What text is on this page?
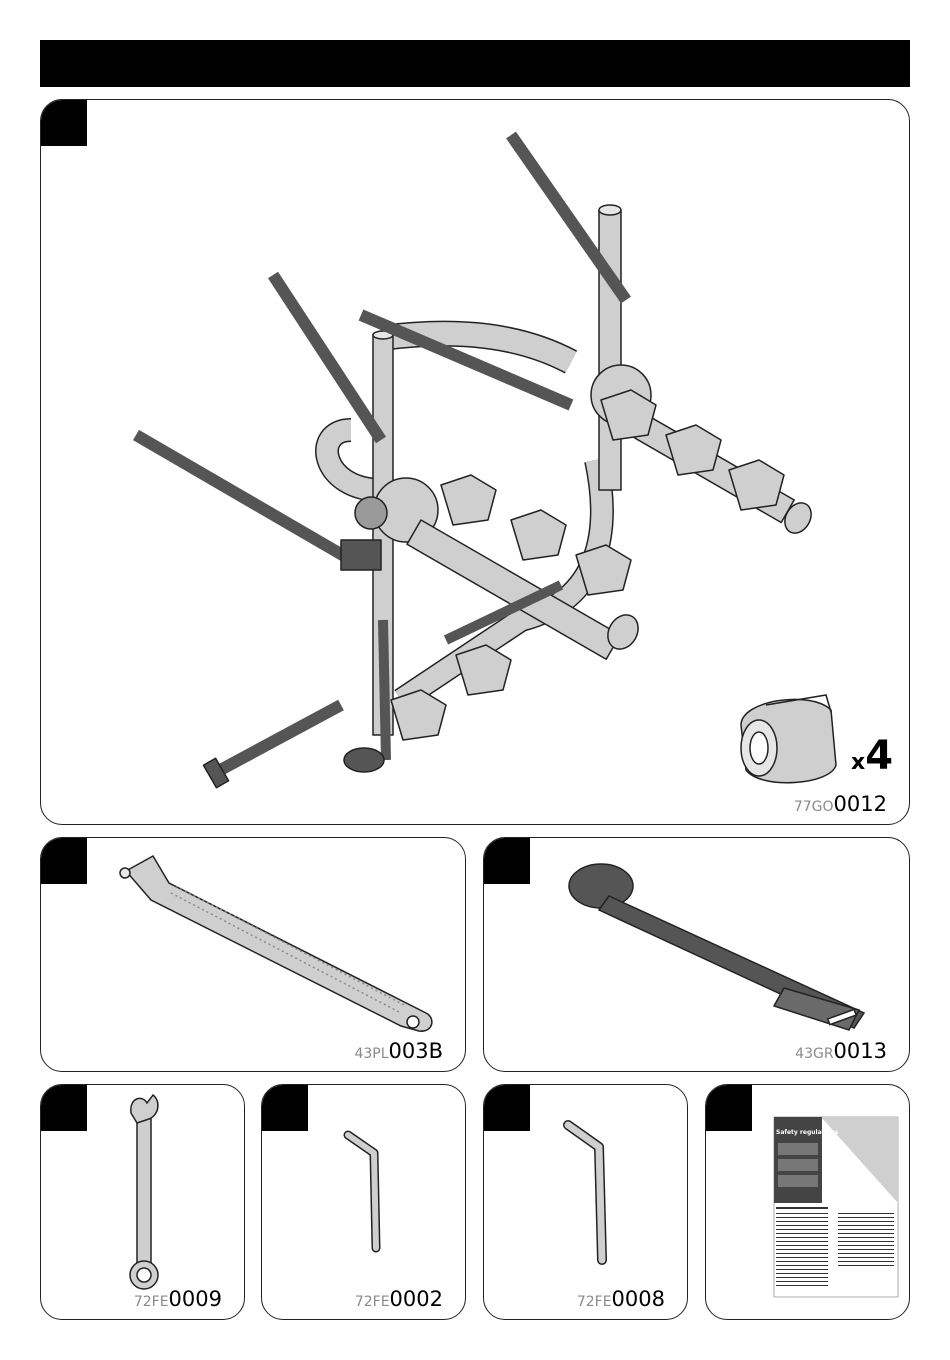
x4
77GO0012
43PL003B	43GR0013
72FE0009	72FE0002	72FE0008
Safety regulations
